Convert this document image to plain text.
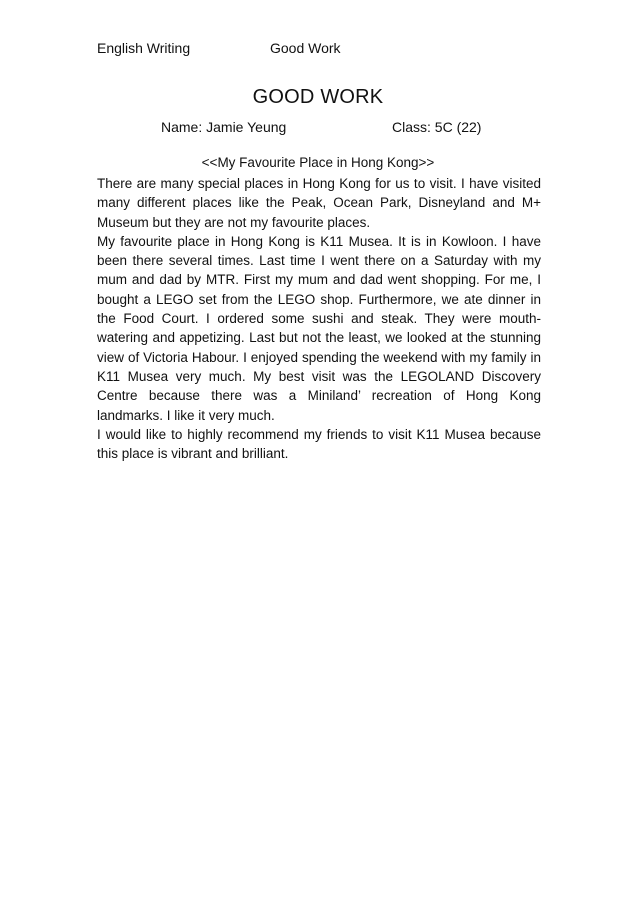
English Writing	Good Work
GOOD WORK
Name: Jamie Yeung	Class: 5C (22)
<<My Favourite Place in Hong Kong>>

There are many special places in Hong Kong for us to visit. I have visited many different places like the Peak, Ocean Park, Disneyland and M+ Museum but they are not my favourite places.

My favourite place in Hong Kong is K11 Musea. It is in Kowloon. I have been there several times. Last time I went there on a Saturday with my mum and dad by MTR. First my mum and dad went shopping. For me, I bought a LEGO set from the LEGO shop. Furthermore, we ate dinner in the Food Court. I ordered some sushi and steak. They were mouth-watering and appetizing. Last but not the least, we looked at the stunning view of Victoria Habour. I enjoyed spending the weekend with my family in K11 Musea very much. My best visit was the LEGOLAND Discovery Centre because there was a Miniland’ recreation of Hong Kong landmarks. I like it very much.

I would like to highly recommend my friends to visit K11 Musea because this place is vibrant and brilliant.
